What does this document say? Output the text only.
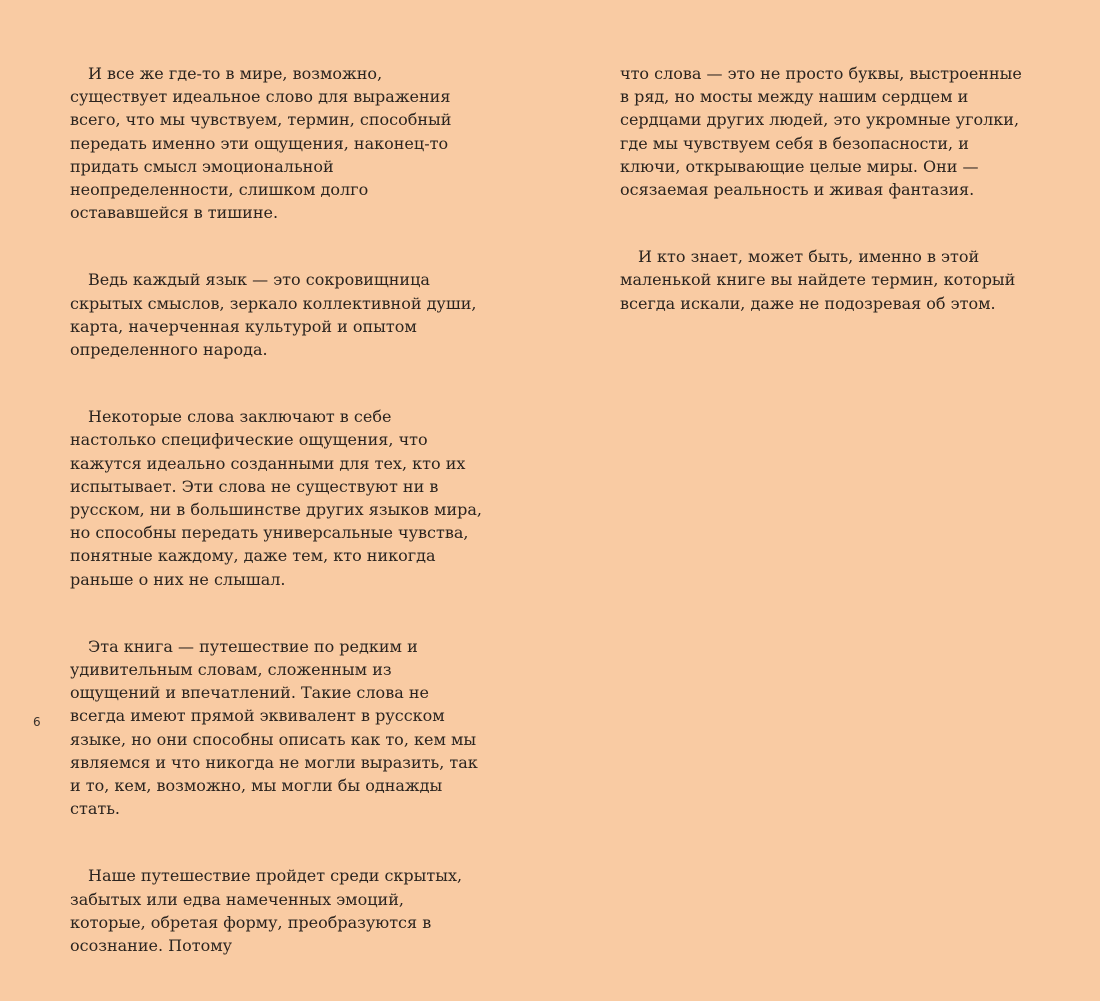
И все же где-то в мире, возможно, существует идеальное слово для выражения всего, что мы чувствуем, термин, способный передать именно эти ощущения, наконец-то придать смысл эмоциональной неопределенности, слишком долго остававшейся в тишине.

Ведь каждый язык — это сокровищница скрытых смыслов, зеркало коллективной души, карта, начерченная культурой и опытом определенного народа.

Некоторые слова заключают в себе настолько специфические ощущения, что кажутся идеально созданными для тех, кто их испытывает. Эти слова не существуют ни в русском, ни в большинстве других языков мира, но способны передать универсальные чувства, понятные каждому, даже тем, кто никогда раньше о них не слышал.

Эта книга — путешествие по редким и удивительным словам, сложенным из ощущений и впечатлений. Такие слова не всегда имеют прямой эквивалент в русском языке, но они способны описать как то, кем мы являемся и что никогда не могли выразить, так и то, кем, возможно, мы могли бы однажды стать.

Наше путешествие пройдет среди скрытых, забытых или едва намеченных эмоций, которые, обретая форму, преобразуются в осознание. Потому

что слова — это не просто буквы, выстроенные в ряд, но мосты между нашим сердцем и сердцами других людей, это укромные уголки, где мы чувствуем себя в безопасности, и ключи, открывающие целые миры. Они — осязаемая реальность и живая фантазия.

И кто знает, может быть, именно в этой маленькой книге вы найдете термин, который всегда искали, даже не подозревая об этом.

6
